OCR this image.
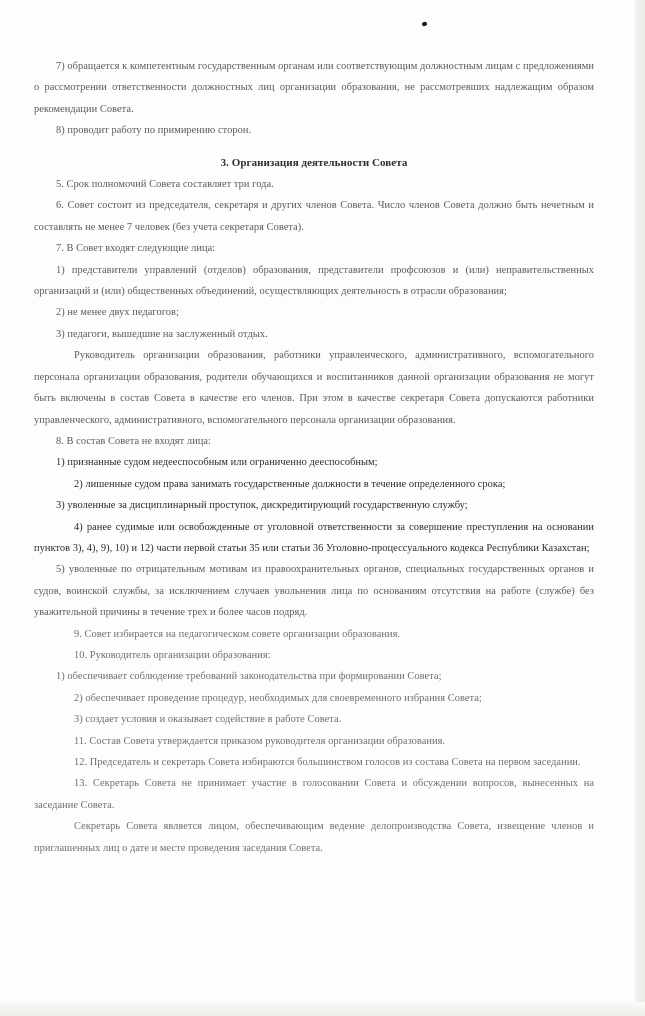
7) обращается к компетентным государственным органам или соответствующим должностным лицам с предложениями о рассмотрении ответственности должностных лиц организации образования, не рассмотревших надлежащим образом рекомендации Совета.

8) проводит работу по примирению сторон.

3. Организация деятельности Совета

5. Срок полномочий Совета составляет три года.

6. Совет состоит из председателя, секретаря и других членов Совета. Число членов Совета должно быть нечетным и составлять не менее 7 человек (без учета секретаря Совета).

7. В Совет входят следующие лица:

1) представители управлений (отделов) образования, представители профсоюзов и (или) неправительственных организаций и (или) общественных объединений, осуществляющих деятельность в отрасли образования;

2) не менее двух педагогов;

3) педагоги, вышедшие на заслуженный отдых.

Руководитель организации образования, работники управленческого, административного, вспомогательного персонала организации образования, родители обучающихся и воспитанников данной организации образования не могут быть включены в состав Совета в качестве его членов. При этом в качестве секретаря Совета допускаются работники управленческого, административного, вспомогательного персонала организации образования.

8. В состав Совета не входят лица:

1) признанные судом недееспособным или ограниченно дееспособным;

2) лишенные судом права занимать государственные должности в течение определенного срока;

3) уволенные за дисциплинарный проступок, дискредитирующий государственную службу;

4) ранее судимые или освобожденные от уголовной ответственности за совершение преступления на основании пунктов 3), 4), 9), 10) и 12) части первой статьи 35 или статьи 36 Уголовно-процессуального кодекса Республики Казахстан;

5) уволенные по отрицательным мотивам из правоохранительных органов, специальных государственных органов и судов, воинской службы, за исключением случаев увольнения лица по основаниям отсутствия на работе (службе) без уважительной причины в течение трех и более часов подряд.

9. Совет избирается на педагогическом совете организации образования.

10. Руководитель организации образования:

1) обеспечивает соблюдение требований законодательства при формировании Совета;

2) обеспечивает проведение процедур, необходимых для своевременного избрания Совета;

3) создает условия и оказывает содействие в работе Совета.

11. Состав Совета утверждается приказом руководителя организации образования.

12. Председатель и секретарь Совета избираются большинством голосов из состава Совета на первом заседании.

13. Секретарь Совета не принимает участие в голосовании Совета и обсуждении вопросов, вынесенных на заседание Совета.

Секретарь Совета является лицом, обеспечивающим ведение делопроизводства Совета, извещение членов и приглашенных лиц о дате и месте проведения заседания Совета.
